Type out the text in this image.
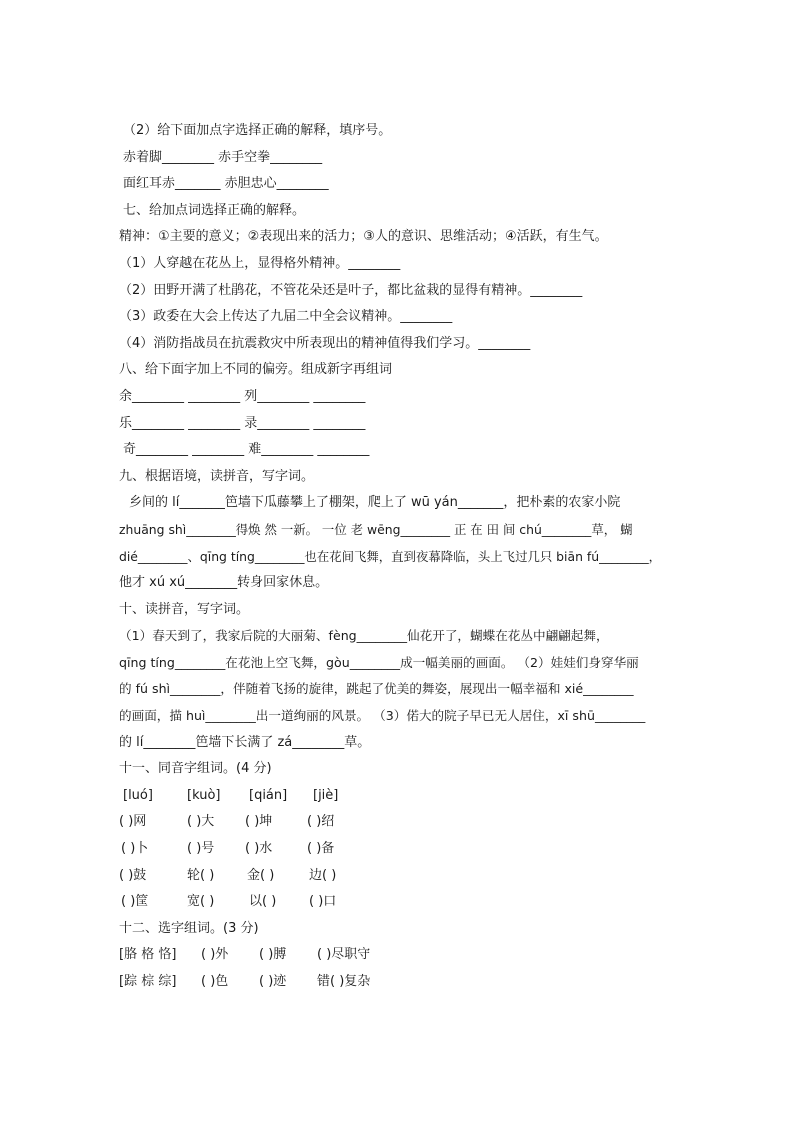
（2）给下面加点字选择正确的解释，填序号。
赤着脚________ 赤手空拳________
面红耳赤_______ 赤胆忠心________
七、给加点词选择正确的解释。
精神：①主要的意义；②表现出来的活力；③人的意识、思维活动；④活跃，有生气。
（1）人穿越在花丛上，显得格外精神。________
（2）田野开满了杜鹃花，不管花朵还是叶子，都比盆栽的显得有精神。________
（3）政委在大会上传达了九届二中全会议精神。________
（4）消防指战员在抗震救灾中所表现出的精神值得我们学习。________
八、给下面字加上不同的偏旁。组成新字再组词
余________ ________ 列________ ________
乐________ ________ 录________ ________
奇________ ________ 难________ ________
九、根据语境，读拼音，写字词。
乡间的 lí_______笆墙下瓜藤攀上了棚架，爬上了 wū yán_______，把朴素的农家小院
zhuāng shì________得焕 然 一新。 一位 老 wēng________ 正 在 田 间 chú________草， 蝴
dié________、qīng tíng________也在花间飞舞，直到夜幕降临，头上飞过几只 biān fú________，
他才 xú xú________转身回家休息。
十、读拼音，写字词。
（1）春天到了，我家后院的大丽菊、fèng________仙花开了，蝴蝶在花丛中翩翩起舞，
qīng tíng________在花池上空飞舞，gòu________成一幅美丽的画面。 （2）娃娃们身穿华丽
的 fú shì________，伴随着飞扬的旋律，跳起了优美的舞姿，展现出一幅幸福和 xié________
的画面，描 huì________出一道绚丽的风景。 （3）偌大的院子早已无人居住，xī shū________
的 lí________笆墙下长满了 zá________草。
十一、同音字组词。(4 分)
[luó]	[kuò] [qián] [jiè]
( )网	( )大 ( )坤	( )绍
( )卜	( )号 ( )水	( )备
( )鼓	轮( )	金( )	边( )
( )筐	宽( )	以( )	( )口
十二、选字组词。(3 分)
[胳 格 恪] ( )外 ( )膊 ( )尽职守
[踪 棕 综] ( )色 ( )迹 错( )复杂
